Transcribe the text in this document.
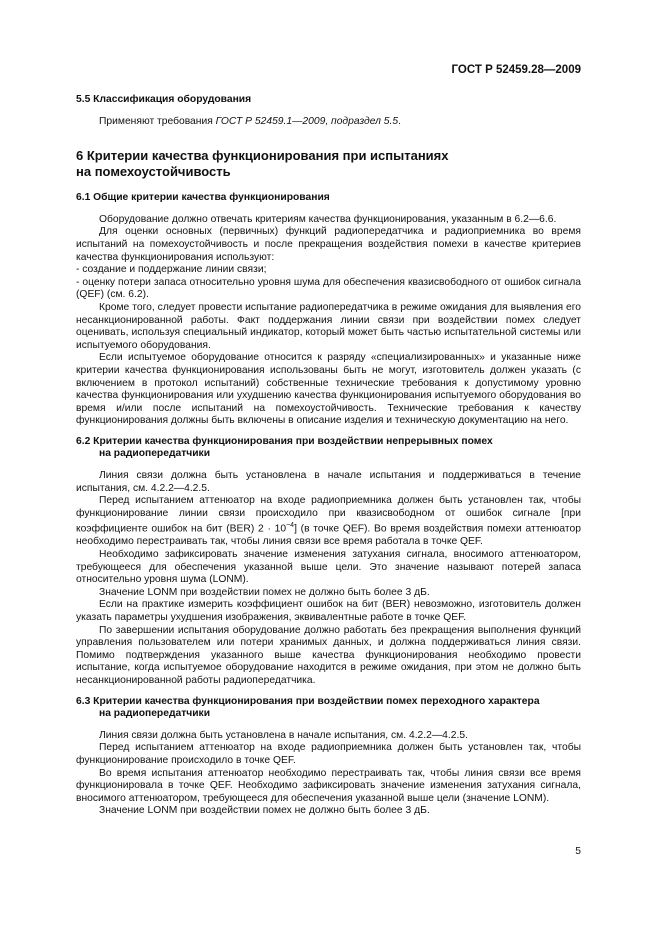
ГОСТ Р 52459.28—2009
5.5 Классификация оборудования

Применяют требования ГОСТ Р 52459.1—2009, подраздел 5.5.

6 Критерии качества функционирования при испытаниях
на помехоустойчивость
6.1 Общие критерии качества функционирования

Оборудование должно отвечать критериям качества функционирования, указанным в 6.2—6.6.

Для оценки основных (первичных) функций радиопередатчика и радиоприемника во время испытаний на помехоустойчивость и после прекращения воздействия помехи в качестве критериев качества функционирования используют:

- создание и поддержание линии связи;

- оценку потери запаса относительно уровня шума для обеспечения квазисвободного от ошибок сигнала (QEF) (см. 6.2).

Кроме того, следует провести испытание радиопередатчика в режиме ожидания для выявления его несанкционированной работы. Факт поддержания линии связи при воздействии помех следует оценивать, используя специальный индикатор, который может быть частью испытательной системы или испытуемого оборудования.

Если испытуемое оборудование относится к разряду «специализированных» и указанные ниже критерии качества функционирования использованы быть не могут, изготовитель должен указать (с включением в протокол испытаний) собственные технические требования к допустимому уровню качества функционирования или ухудшению качества функционирования испытуемого оборудования во время и/или после испытаний на помехоустойчивость. Технические требования к качеству функционирования должны быть включены в описание изделия и техническую документацию на него.

6.2 Критерии качества функционирования при воздействии непрерывных помех
на радиопередатчики

Линия связи должна быть установлена в начале испытания и поддерживаться в течение испытания, см. 4.2.2—4.2.5.

Перед испытанием аттенюатор на входе радиоприемника должен быть установлен так, чтобы функционирование линии связи происходило при квазисвободном от ошибок сигнале [при коэффициенте ошибок на бит (BER) $2 \cdot 10^{-4}$] (в точке QEF). Во время воздействия помехи аттенюатор необходимо перестраивать так, чтобы линия связи все время работала в точке QEF.

Необходимо зафиксировать значение изменения затухания сигнала, вносимого аттенюатором, требующееся для обеспечения указанной выше цели. Это значение называют потерей запаса относительно уровня шума (LONM).

Значение LONM при воздействии помех не должно быть более 3 дБ.

Если на практике измерить коэффициент ошибок на бит (BER) невозможно, изготовитель должен указать параметры ухудшения изображения, эквивалентные работе в точке QEF.

По завершении испытания оборудование должно работать без прекращения выполнения функций управления пользователем или потери хранимых данных, и должна поддерживаться линия связи. Помимо подтверждения указанного выше качества функционирования необходимо провести испытание, когда испытуемое оборудование находится в режиме ожидания, при этом не должно быть несанкционированной работы радиопередатчика.

6.3 Критерии качества функционирования при воздействии помех переходного характера
на радиопередатчики

Линия связи должна быть установлена в начале испытания, см. 4.2.2—4.2.5.

Перед испытанием аттенюатор на входе радиоприемника должен быть установлен так, чтобы функционирование происходило в точке QEF.

Во время испытания аттенюатор необходимо перестраивать так, чтобы линия связи все время функционировала в точке QEF. Необходимо зафиксировать значение изменения затухания сигнала, вносимого аттенюатором, требующееся для обеспечения указанной выше цели (значение LONM).

Значение LONM при воздействии помех не должно быть более 3 дБ.

5
